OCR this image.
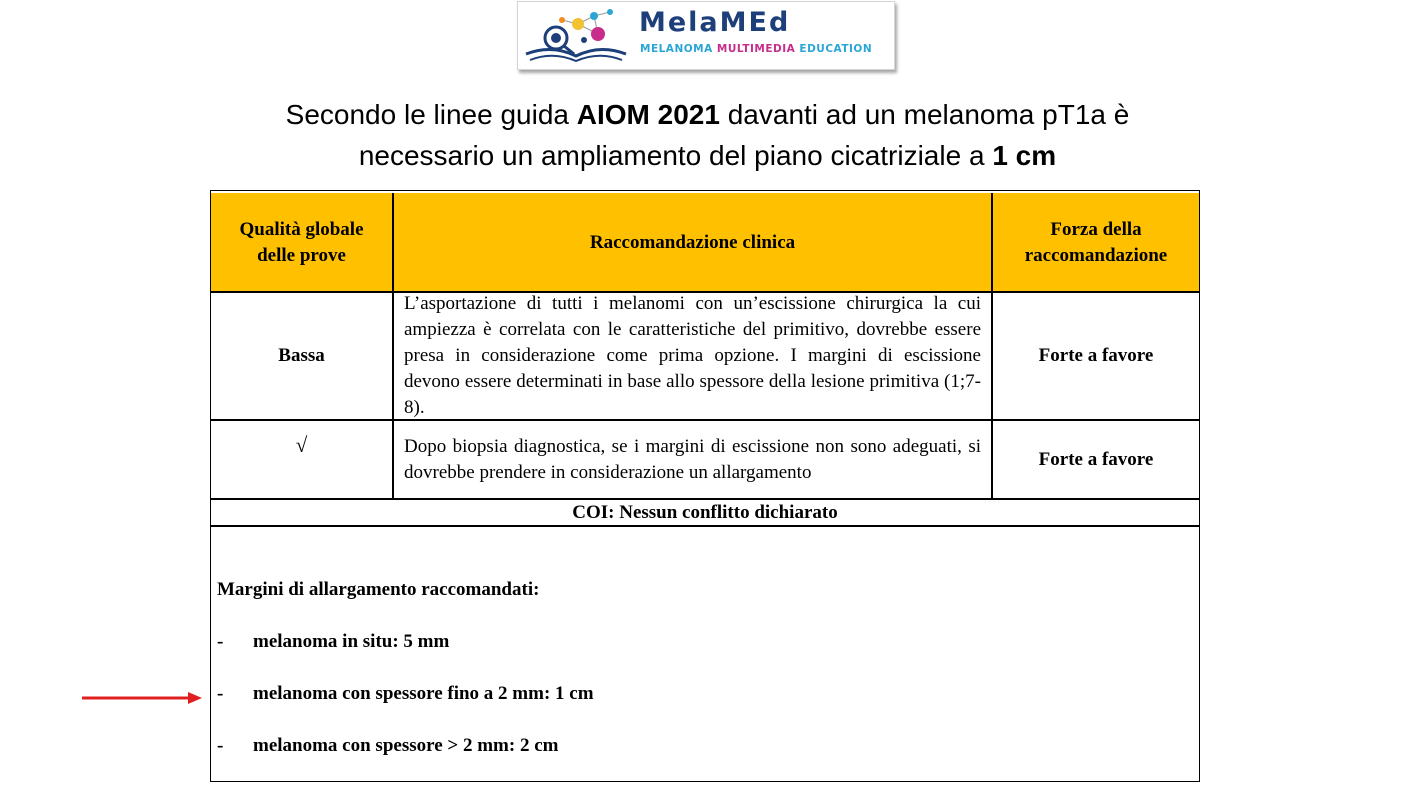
MelaMEd
MELANOMA MULTIMEDIA EDUCATION
Secondo le linee guida AIOM 2021 davanti ad un melanoma pT1a è
necessario un ampliamento del piano cicatriziale a 1 cm
Qualità globale delle prove
Raccomandazione clinica
Forza della raccomandazione
Bassa
L’asportazione di tutti i melanomi con un’escissione chirurgica la cui ampiezza è correlata con le caratteristiche del primitivo, dovrebbe essere presa in considerazione come prima opzione. I margini di escissione devono essere determinati in base allo spessore della lesione primitiva (1;7-8).
Forte a favore
√	Dopo biopsia diagnostica, se i margini di escissione non sono adeguati, si dovrebbe prendere in considerazione un allargamento
Forte a favore
COI: Nessun conflitto dichiarato
Margini di allargamento raccomandati:
- melanoma in situ: 5 mm
- melanoma con spessore fino a 2 mm: 1 cm
- melanoma con spessore > 2 mm: 2 cm
